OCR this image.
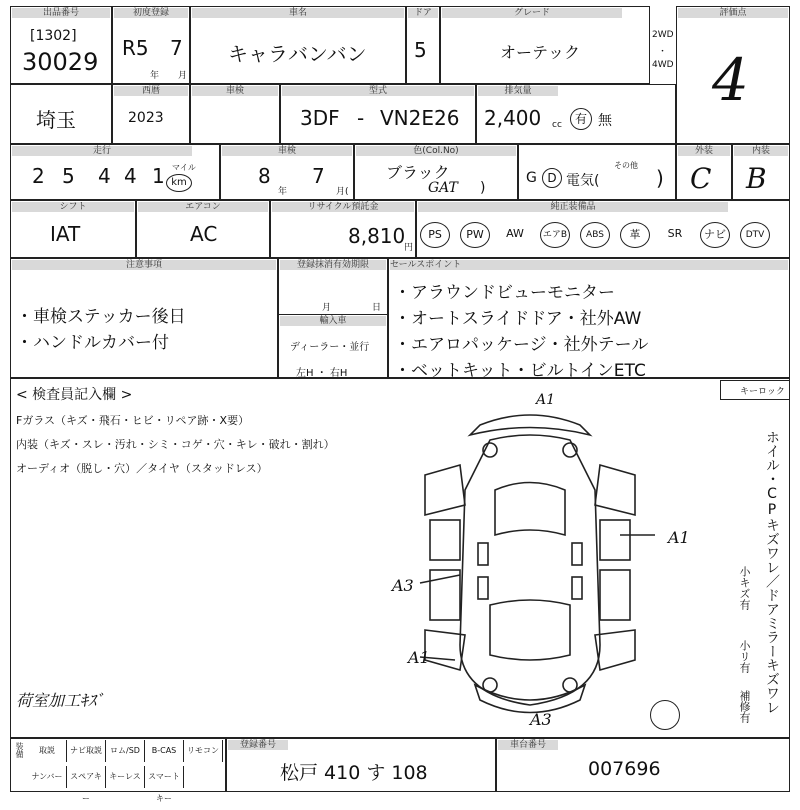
出品番号
[1302]
30029
初度登録
R5 7
年 月
車名
キャラバンバン
ドア
5
グレード
オーテック
2WD
・
4WD
評価点
4
埼玉
西暦
2023
車検	型式
3DF - VN2E26
排気量
2,400 cc	有 無
走行
2 5 4 4 1 マイル
km
車検
8
年
7
月(
色(Col.No)
ブラック
GAT )
その他
G D 電気(	)
外装
C
内装
B
シフト
IAT
エアコン
AC
リサイクル預託金
8,810
円
純正装備品
PS	PW	AW	エアB	ABS	革	SR	ナビ	DTV
注意事項
・車検ステッカー後日
・ハンドルカバー付
登録抹消有効期限
月	日
輸入車
ディーラー・並行
左H ・ 右H
セールスポイント
・アラウンドビューモニター
・オートスライドドア・社外AW
・エアロパッケージ・社外テール
・ベットキット・ビルトインETC
< 検査員記入欄 >
Fガラス（キズ・飛石・ヒビ・リペア跡・X要）
内装（キズ・スレ・汚れ・シミ・コゲ・穴・キレ・破れ・割れ）
オーディオ（脱し・穴）／タイヤ（スタッドレス）
荷室加工ｷｽﾞ
キーロック
A1
A1
A3
A1
A3
ホイル・CPキズワレ／ドアミラーキズワレ
小キズ有
小リ有
補修有
装備	取説	ナビ取説	ロム/SD	B-CAS	リモコン
ナンバー スペアキー
キーレス スマートキー
登録番号
松戸 410 す 108
車台番号
007696
